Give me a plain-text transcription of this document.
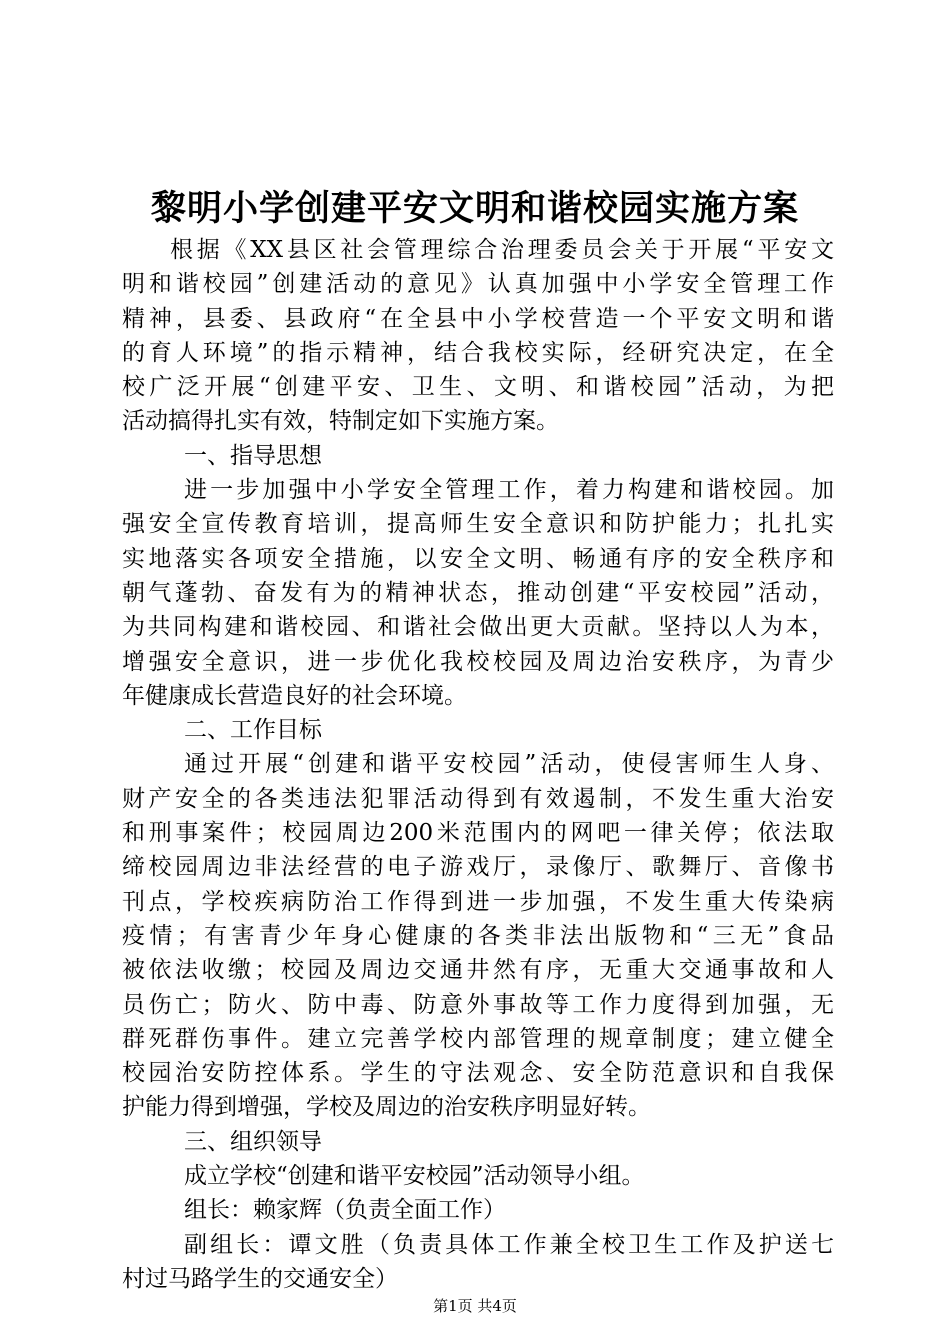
黎明小学创建平安文明和谐校园实施方案
根据《XX县区社会管理综合治理委员会关于开展“平安文
明和谐校园”创建活动的意见》认真加强中小学安全管理工作
精神，县委、县政府“在全县中小学校营造一个平安文明和谐
的育人环境”的指示精神，结合我校实际，经研究决定，在全
校广泛开展“创建平安、卫生、文明、和谐校园”活动，为把
活动搞得扎实有效，特制定如下实施方案。
一、指导思想
进一步加强中小学安全管理工作，着力构建和谐校园。加
强安全宣传教育培训，提高师生安全意识和防护能力；扎扎实
实地落实各项安全措施，以安全文明、畅通有序的安全秩序和
朝气蓬勃、奋发有为的精神状态，推动创建“平安校园”活动，
为共同构建和谐校园、和谐社会做出更大贡献。坚持以人为本，
增强安全意识，进一步优化我校校园及周边治安秩序，为青少
年健康成长营造良好的社会环境。
二、工作目标
通过开展“创建和谐平安校园”活动，使侵害师生人身、
财产安全的各类违法犯罪活动得到有效遏制，不发生重大治安
和刑事案件；校园周边200米范围内的网吧一律关停；依法取
缔校园周边非法经营的电子游戏厅，录像厅、歌舞厅、音像书
刊点，学校疾病防治工作得到进一步加强，不发生重大传染病
疫情；有害青少年身心健康的各类非法出版物和“三无”食品
被依法收缴；校园及周边交通井然有序，无重大交通事故和人
员伤亡；防火、防中毒、防意外事故等工作力度得到加强，无
群死群伤事件。建立完善学校内部管理的规章制度；建立健全
校园治安防控体系。学生的守法观念、安全防范意识和自我保
护能力得到增强，学校及周边的治安秩序明显好转。
三、组织领导
成立学校“创建和谐平安校园”活动领导小组。
组长：赖家辉（负责全面工作）
副组长：谭文胜（负责具体工作兼全校卫生工作及护送七
村过马路学生的交通安全）
第1页 共4页
